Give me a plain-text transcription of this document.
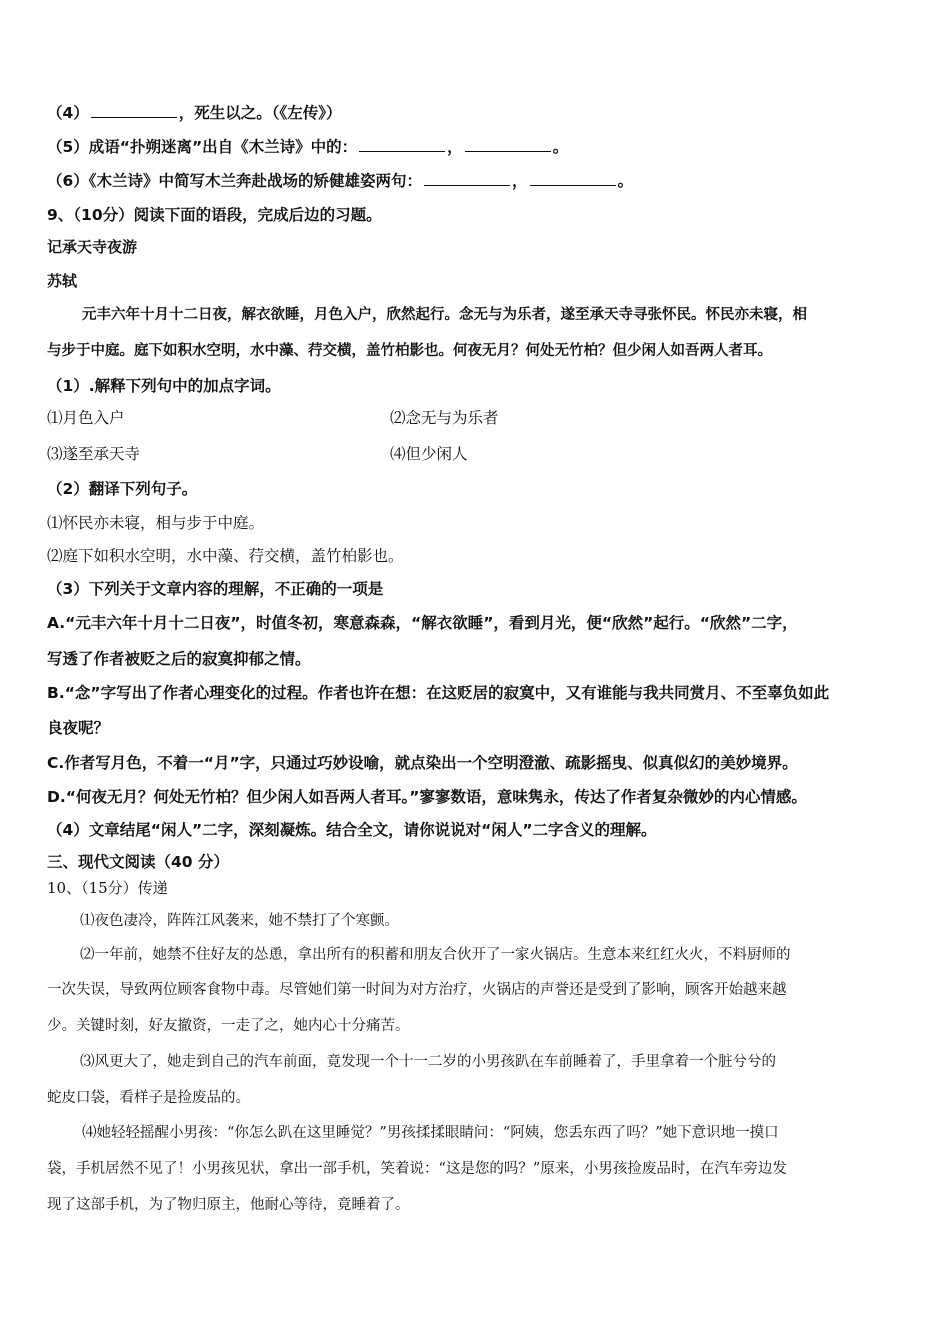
（4）	，死生以之。（《左传》）
（5）成语“扑朔迷离”出自《木兰诗》中的：	，	。
（6）《木兰诗》中简写木兰奔赴战场的矫健雄姿两句：	，	。
9、（10分）阅读下面的语段，完成后边的习题。
记承天寺夜游
苏轼
元丰六年十月十二日夜，解衣欲睡，月色入户，欣然起行。念无与为乐者，遂至承天寺寻张怀民。怀民亦未寝，相
与步于中庭。庭下如积水空明，水中藻、荇交横，盖竹柏影也。何夜无月？何处无竹柏？但少闲人如吾两人者耳。
（1）.解释下列句中的加点字词。
⑴月色入户	⑵念无与为乐者
⑶遂至承天寺	⑷但少闲人
（2）翻译下列句子。
⑴怀民亦未寝，相与步于中庭。
⑵庭下如积水空明，水中藻、荇交横，盖竹柏影也。
（3）下列关于文章内容的理解，不正确的一项是
A.“元丰六年十月十二日夜”，时值冬初，寒意森森，“解衣欲睡”，看到月光，便“欣然”起行。“欣然”二字，
写透了作者被贬之后的寂寞抑郁之情。
B.“念”字写出了作者心理变化的过程。作者也许在想：在这贬居的寂寞中，又有谁能与我共同赏月、不至辜负如此
良夜呢？
C.作者写月色，不着一“月”字，只通过巧妙设喻，就点染出一个空明澄澈、疏影摇曳、似真似幻的美妙境界。
D.“何夜无月？何处无竹柏？但少闲人如吾两人者耳。”寥寥数语，意味隽永，传达了作者复杂微妙的内心情感。
（4）文章结尾“闲人”二字，深刻凝炼。结合全文，请你说说对“闲人”二字含义的理解。
三、现代文阅读（40 分）
10、（15分）传递
⑴夜色凄冷，阵阵江风袭来，她不禁打了个寒颤。
⑵一年前，她禁不住好友的怂恿，拿出所有的积蓄和朋友合伙开了一家火锅店。生意本来红红火火，不料厨师的
一次失误，导致两位顾客食物中毒。尽管她们第一时间为对方治疗，火锅店的声誉还是受到了影响，顾客开始越来越
少。关键时刻，好友撤资，一走了之，她内心十分痛苦。
⑶风更大了，她走到自己的汽车前面，竟发现一个十一二岁的小男孩趴在车前睡着了，手里拿着一个脏兮兮的
蛇皮口袋，看样子是捡废品的。
⑷她轻轻摇醒小男孩：“你怎么趴在这里睡觉？”男孩揉揉眼睛问：“阿姨，您丢东西了吗？”她下意识地一摸口
袋，手机居然不见了！小男孩见状，拿出一部手机，笑着说：“这是您的吗？”原来，小男孩捡废品时，在汽车旁边发
现了这部手机，为了物归原主，他耐心等待，竟睡着了。
